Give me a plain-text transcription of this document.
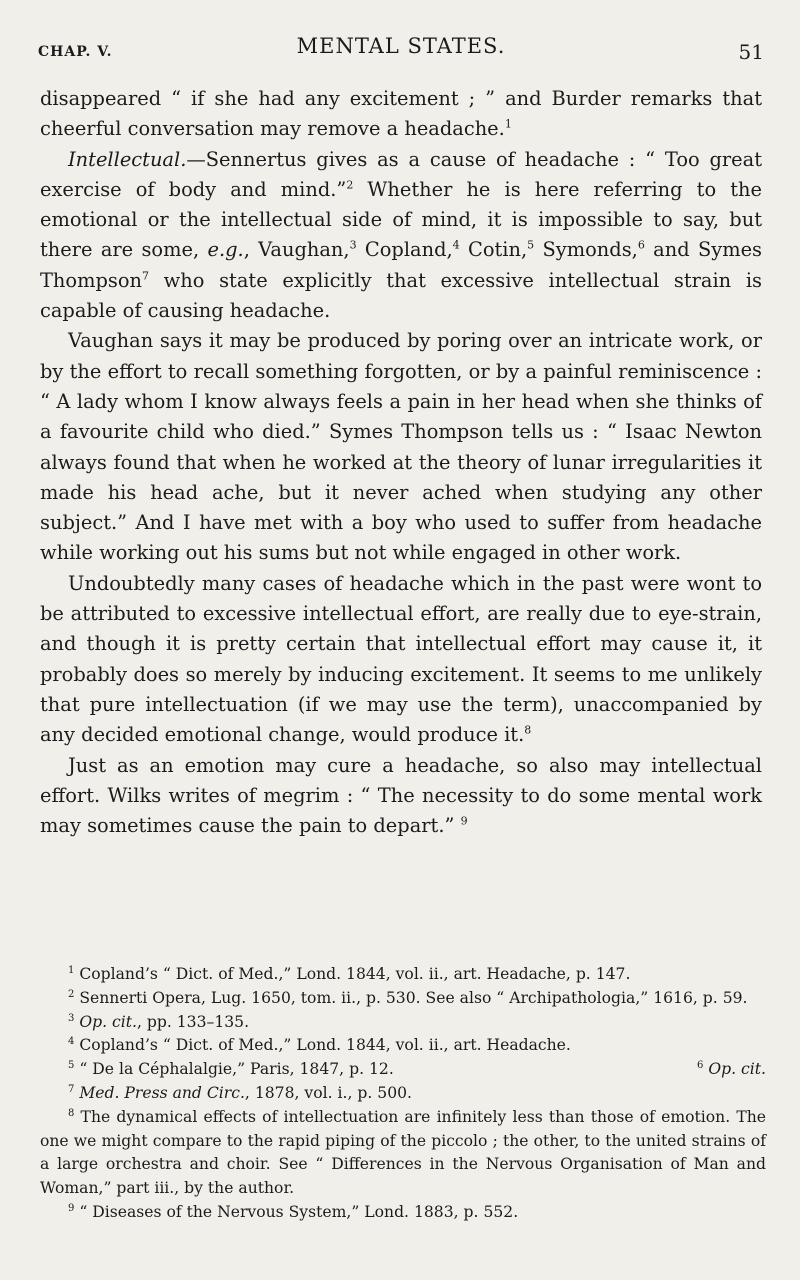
CHAP. V.	MENTAL STATES.	51

disappeared “ if she had any excitement ; ” and Burder remarks that cheerful conversation may remove a headache.$^1$

Intellectual.—Sennertus gives as a cause of headache : “ Too great exercise of body and mind.”$^2$ Whether he is here referring to the emotional or the intellectual side of mind, it is impossible to say, but there are some, e.g., Vaughan,$^3$ Copland,$^4$ Cotin,$^5$ Symonds,$^6$ and Symes Thompson$^7$ who state explicitly that excessive intellectual strain is capable of causing headache.

Vaughan says it may be produced by poring over an intricate work, or by the effort to recall something forgotten, or by a painful reminiscence : “ A lady whom I know always feels a pain in her head when she thinks of a favourite child who died.” Symes Thompson tells us : “ Isaac Newton always found that when he worked at the theory of lunar irregularities it made his head ache, but it never ached when studying any other subject.” And I have met with a boy who used to suffer from headache while working out his sums but not while engaged in other work.

Undoubtedly many cases of headache which in the past were wont to be attributed to excessive intellectual effort, are really due to eye-strain, and though it is pretty certain that intellectual effort may cause it, it probably does so merely by inducing excitement. It seems to me unlikely that pure intellectuation (if we may use the term), unaccompanied by any decided emotional change, would produce it.$^8$

Just as an emotion may cure a headache, so also may intellectual effort. Wilks writes of megrim : “ The necessity to do some mental work may sometimes cause the pain to depart.” $^9$

$^1$ Copland’s “ Dict. of Med.,” Lond. 1844, vol. ii., art. Headache, p. 147.

$^2$ Sennerti Opera, Lug. 1650, tom. ii., p. 530. See also “ Archipathologia,” 1616, p. 59.

$^3$ Op. cit., pp. 133–135.

$^4$ Copland’s “ Dict. of Med.,” Lond. 1844, vol. ii., art. Headache.

$^5$ “ De la Céphalalgie,” Paris, 1847, p. 12.	$^6$ Op. cit.

$^7$ Med. Press and Circ., 1878, vol. i., p. 500.

$^8$ The dynamical effects of intellectuation are infinitely less than those of emotion. The one we might compare to the rapid piping of the piccolo ; the other, to the united strains of a large orchestra and choir. See “ Differences in the Nervous Organisation of Man and Woman,” part iii., by the author.

$^9$ “ Diseases of the Nervous System,” Lond. 1883, p. 552.
